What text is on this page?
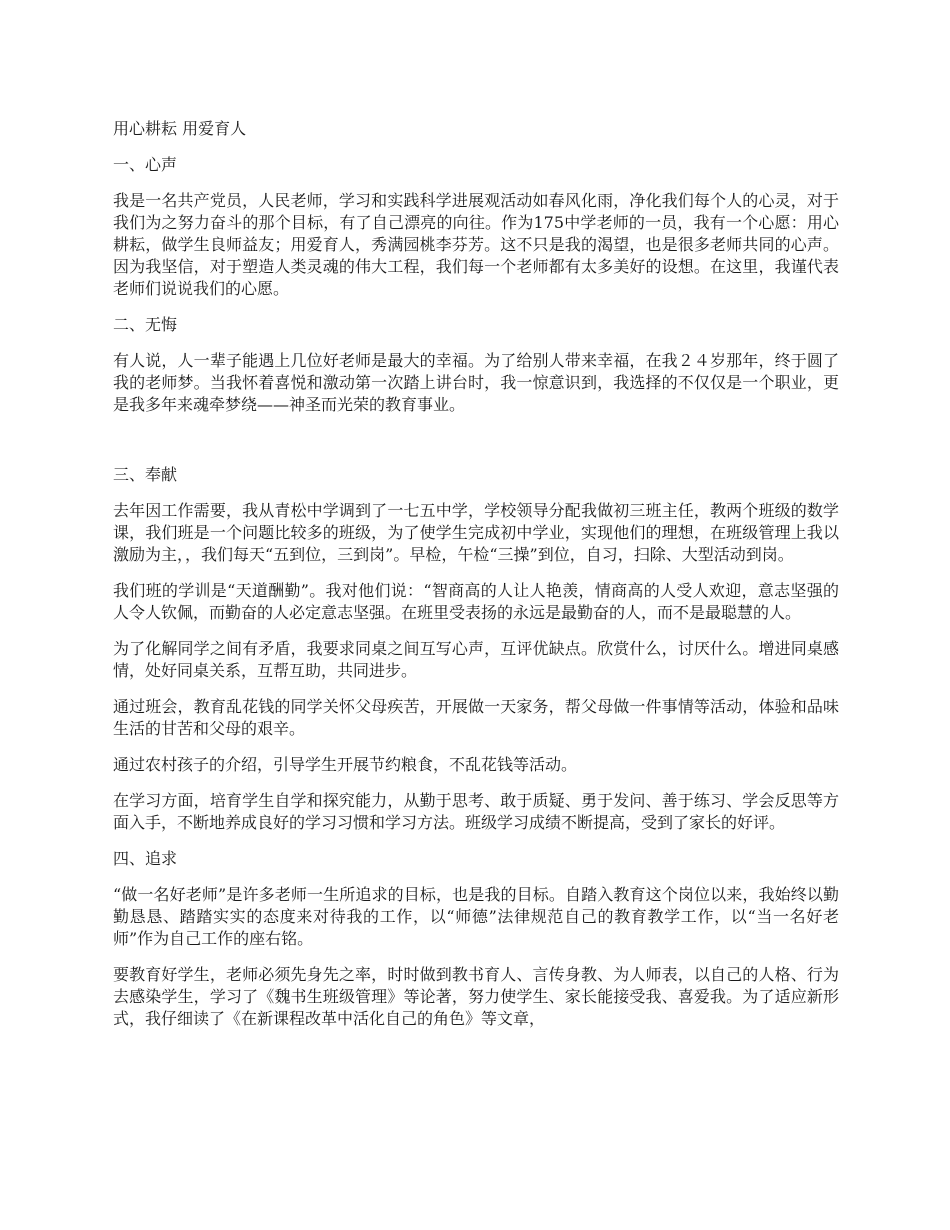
用心耕耘 用爱育人
一、心声
我是一名共产党员，人民老师，学习和实践科学进展观活动如春风化雨，净化我们每个人的心灵，对于我们为之努力奋斗的那个目标，有了自己漂亮的向往。作为175中学老师的一员，我有一个心愿：用心耕耘，做学生良师益友；用爱育人，秀满园桃李芬芳。这不只是我的渴望，也是很多老师共同的心声。因为我坚信，对于塑造人类灵魂的伟大工程，我们每一个老师都有太多美好的设想。在这里，我谨代表老师们说说我们的心愿。
二、无悔
有人说，人一辈子能遇上几位好老师是最大的幸福。为了给别人带来幸福，在我２４岁那年，终于圆了我的老师梦。当我怀着喜悦和激动第一次踏上讲台时，我一惊意识到，我选择的不仅仅是一个职业，更是我多年来魂牵梦绕——神圣而光荣的教育事业。
三、奉献
去年因工作需要，我从青松中学调到了一七五中学，学校领导分配我做初三班主任，教两个班级的数学课，我们班是一个问题比较多的班级，为了使学生完成初中学业，实现他们的理想，在班级管理上我以激励为主，，我们每天“五到位，三到岗”。早检，午检“三操”到位，自习，扫除、大型活动到岗。
我们班的学训是“天道酬勤”。我对他们说：“智商高的人让人艳羡，情商高的人受人欢迎，意志坚强的人令人钦佩，而勤奋的人必定意志坚强。在班里受表扬的永远是最勤奋的人，而不是最聪慧的人。
为了化解同学之间有矛盾，我要求同桌之间互写心声，互评优缺点。欣赏什么，讨厌什么。增进同桌感情，处好同桌关系，互帮互助，共同进步。
通过班会，教育乱花钱的同学关怀父母疾苦，开展做一天家务，帮父母做一件事情等活动，体验和品味生活的甘苦和父母的艰辛。
通过农村孩子的介绍，引导学生开展节约粮食，不乱花钱等活动。
在学习方面，培育学生自学和探究能力，从勤于思考、敢于质疑、勇于发问、善于练习、学会反思等方面入手，不断地养成良好的学习习惯和学习方法。班级学习成绩不断提高，受到了家长的好评。
四、追求
“做一名好老师”是许多老师一生所追求的目标，也是我的目标。自踏入教育这个岗位以来，我始终以勤勤恳恳、踏踏实实的态度来对待我的工作，以“师德”法律规范自己的教育教学工作，以“当一名好老师”作为自己工作的座右铭。
要教育好学生，老师必须先身先之率，时时做到教书育人、言传身教、为人师表，以自己的人格、行为去感染学生，学习了《魏书生班级管理》等论著，努力使学生、家长能接受我、喜爱我。为了适应新形式，我仔细读了《在新课程改革中活化自己的角色》等文章，
